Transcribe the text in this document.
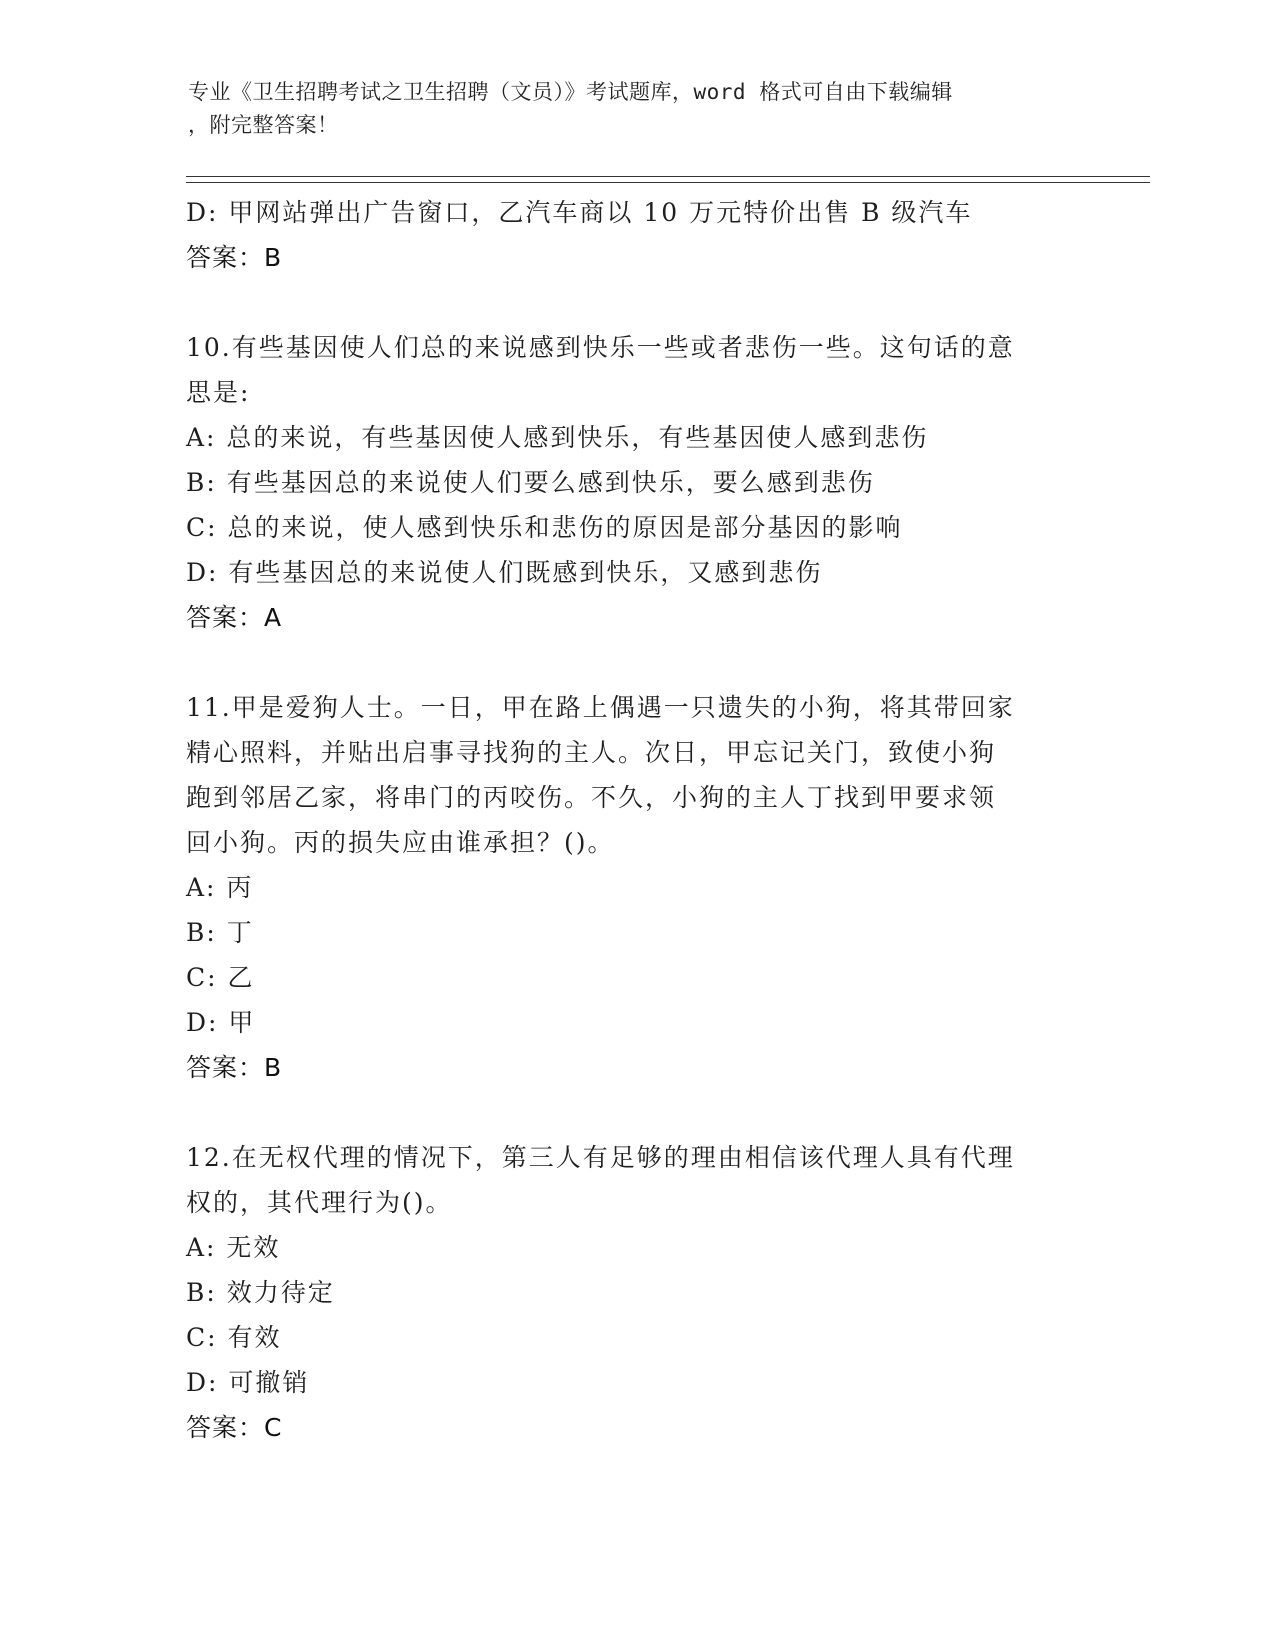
专业《卫生招聘考试之卫生招聘（文员）》考试题库，word 格式可自由下载编辑
，附完整答案！
D: 甲网站弹出广告窗口，乙汽车商以 10 万元特价出售 B 级汽车
答案：B
10.有些基因使人们总的来说感到快乐一些或者悲伤一些。这句话的意
思是:
A: 总的来说，有些基因使人感到快乐，有些基因使人感到悲伤
B: 有些基因总的来说使人们要么感到快乐，要么感到悲伤
C: 总的来说，使人感到快乐和悲伤的原因是部分基因的影响
D: 有些基因总的来说使人们既感到快乐，又感到悲伤
答案：A
11.甲是爱狗人士。一日，甲在路上偶遇一只遗失的小狗，将其带回家
精心照料，并贴出启事寻找狗的主人。次日，甲忘记关门，致使小狗
跑到邻居乙家，将串门的丙咬伤。不久，小狗的主人丁找到甲要求领
回小狗。丙的损失应由谁承担？()。
A: 丙
B: 丁
C: 乙
D: 甲
答案：B
12.在无权代理的情况下，第三人有足够的理由相信该代理人具有代理
权的，其代理行为()。
A: 无效
B: 效力待定
C: 有效
D: 可撤销
答案：C
